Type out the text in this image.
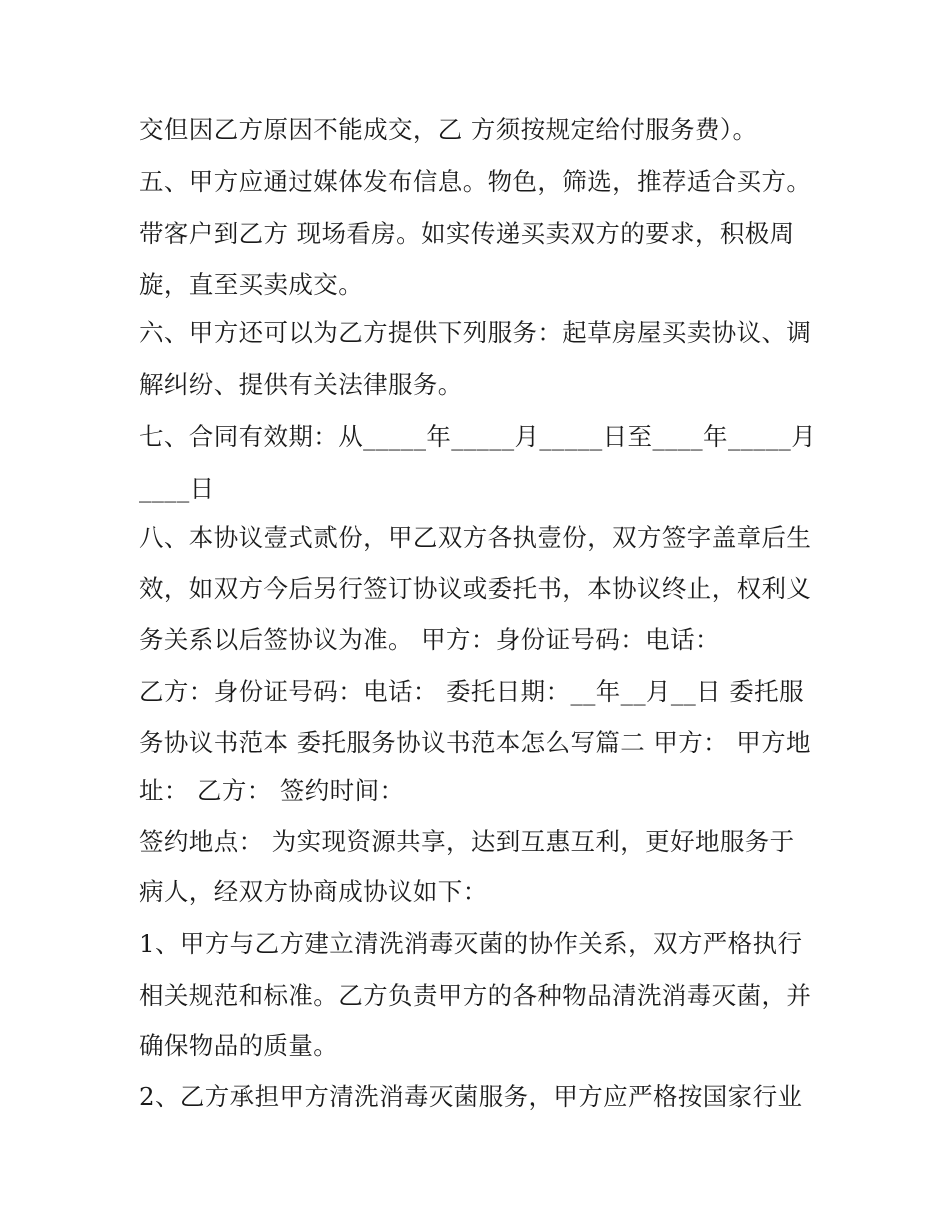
交但因乙方原因不能成交，乙 方须按规定给付服务费）。
五、甲方应通过媒体发布信息。物色，筛选，推荐适合买方。
带客户到乙方 现场看房。如实传递买卖双方的要求，积极周
旋，直至买卖成交。
六、甲方还可以为乙方提供下列服务：起草房屋买卖协议、调
解纠纷、提供有关法律服务。
七、合同有效期：从_____年_____月_____日至____年_____月
____日
八、本协议壹式贰份，甲乙双方各执壹份，双方签字盖章后生
效，如双方今后另行签订协议或委托书，本协议终止，权利义
务关系以后签协议为准。 甲方：身份证号码：电话：
乙方：身份证号码：电话： 委托日期：__年__月__日 委托服
务协议书范本 委托服务协议书范本怎么写篇二 甲方： 甲方地
址： 乙方： 签约时间：
签约地点： 为实现资源共享，达到互惠互利，更好地服务于
病人，经双方协商成协议如下：
1、甲方与乙方建立清洗消毒灭菌的协作关系，双方严格执行
相关规范和标准。乙方负责甲方的各种物品清洗消毒灭菌，并
确保物品的质量。
2、乙方承担甲方清洗消毒灭菌服务，甲方应严格按国家行业
